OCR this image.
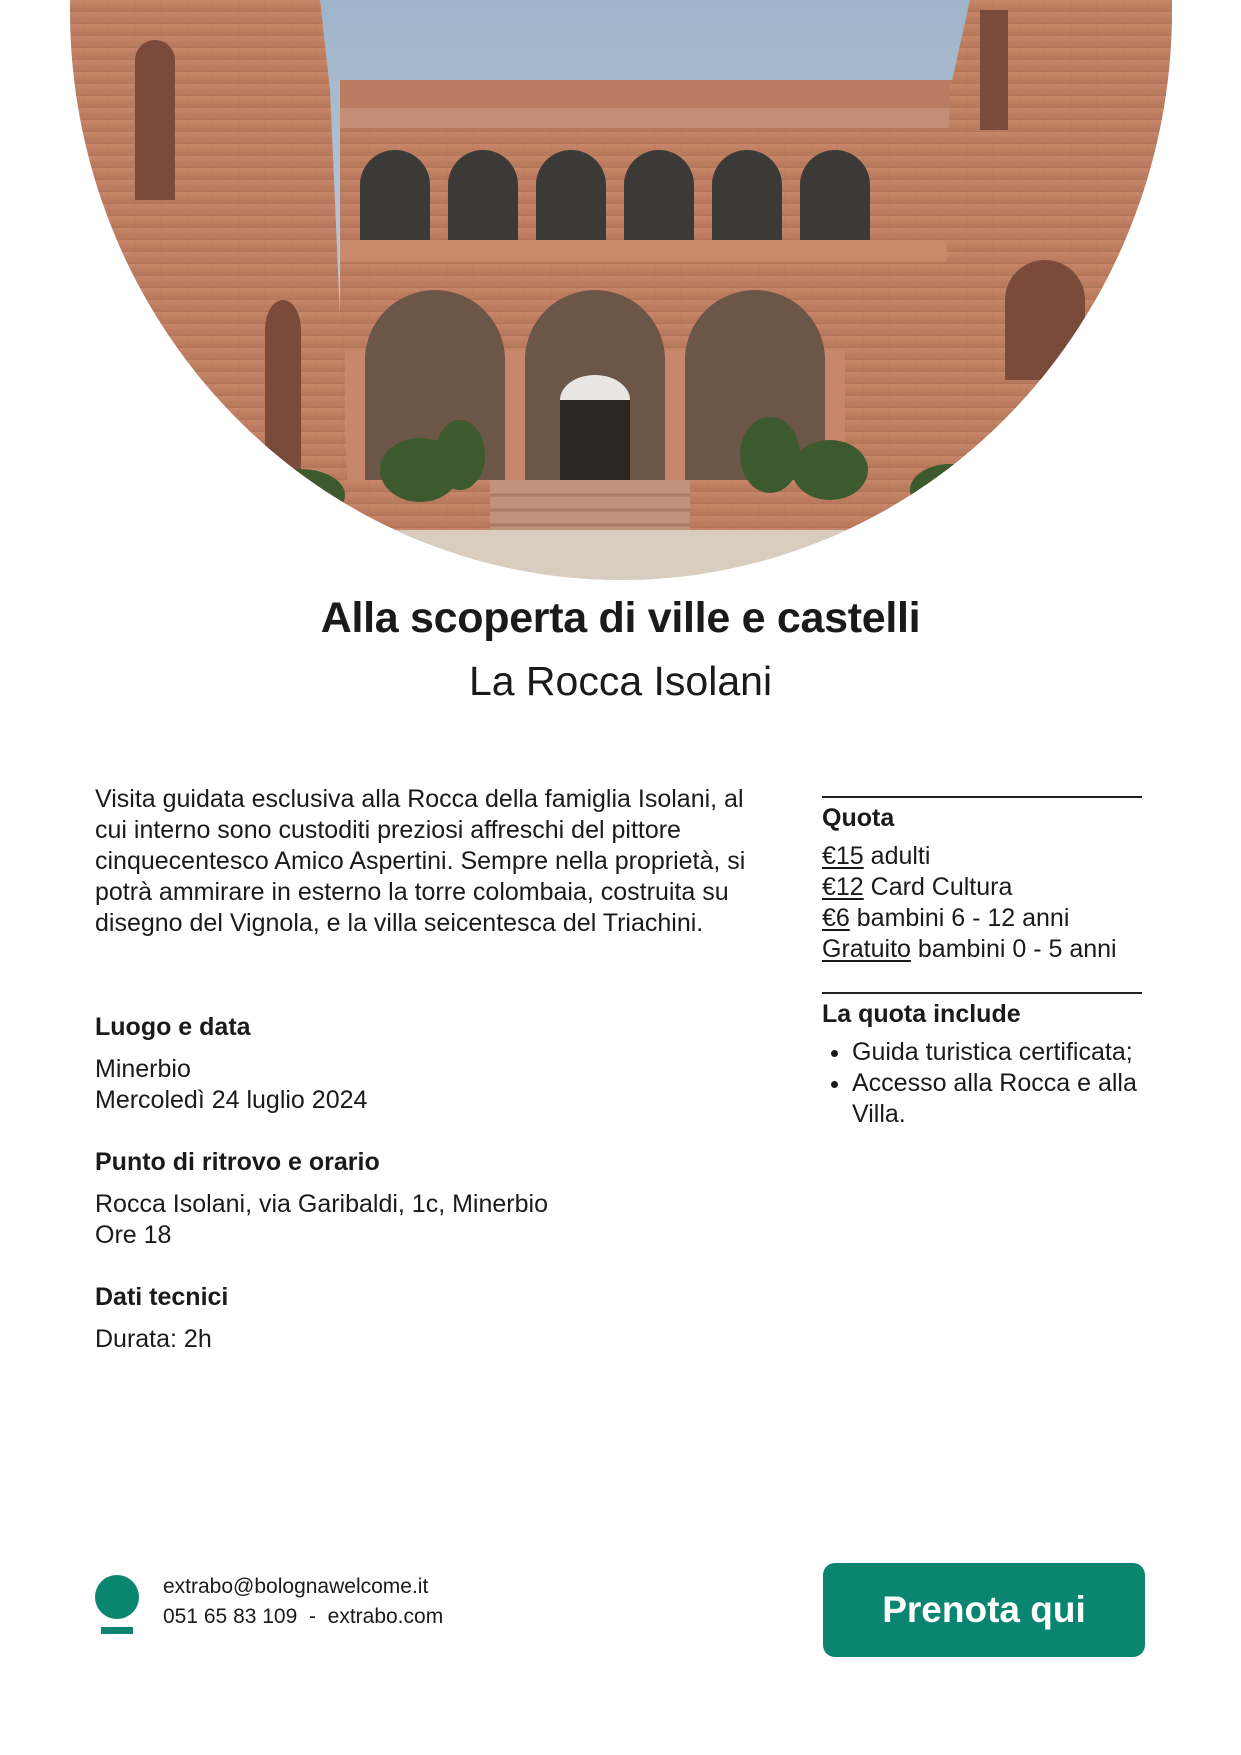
Alla scoperta di ville e castelli
La Rocca Isolani

Visita guidata esclusiva alla Rocca della famiglia Isolani, al cui interno sono custoditi preziosi affreschi del pittore cinquecentesco Amico Aspertini. Sempre nella proprietà, si potrà ammirare in esterno la torre colombaia, costruita su disegno del Vignola, e la villa seicentesca del Triachini.

Luogo e data

Minerbio

Mercoledì 24 luglio 2024

Punto di ritrovo e orario

Rocca Isolani, via Garibaldi, 1c, Minerbio

Ore 18

Dati tecnici

Durata: 2h

Quota

€15 adulti
€12 Card Cultura
€6 bambini 6 - 12 anni
Gratuito bambini 0 - 5 anni

La quota include

• Guida turistica certificata;
• Accesso alla Rocca e alla Villa.
extrabo@bolognawelcome.it
051 65 83 109  -  extrabo.com	Prenota qui
